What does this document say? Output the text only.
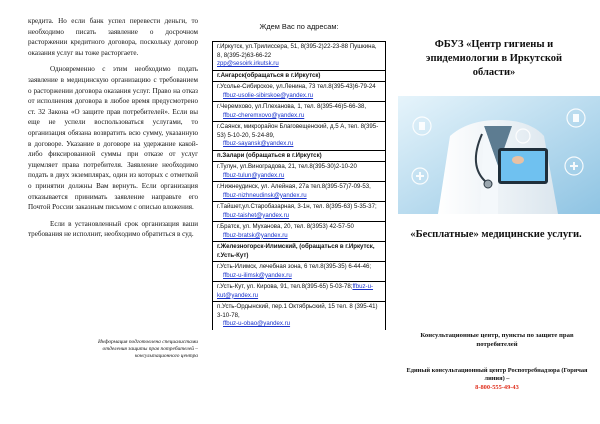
кредита. Но если банк успел перевести деньги, то необходимо писать заявление о досрочном расторжении кредитного договора, поскольку договор оказания услуг вы тоже расторгаете.

Одновременно с этим необходимо подать заявление в медицинскую организацию с требованием о расторжении договора оказания услуг. Право на отказ от исполнения договора в любое время предусмотрено ст. 32 Закона «О защите прав потребителей». Если вы еще не успели воспользоваться услугами, то организация обязана возвратить всю сумму, указанную в договоре. Указание в договоре на удержание какой-либо фиксированной суммы при отказе от услуг ущемляет права потребителя. Заявление необходимо подать в двух экземплярах, один из которых с отметкой о принятии должны Вам вернуть. Если организация отказывается принимать заявление направьте его Почтой России заказным письмом с описью вложения.

Если в установленный срок организация ваши требования не исполнит, необходимо обратиться в суд.

Информация подготовлена специалистами отделения защиты прав потребителей – консультационного центра
Ждем Вас по адресам:
г.Иркутск, ул.Трилиссера, 51, 8(395-2)22-23-88 Пушкина, 8, 8(395-2)63-66-22
zpp@sesoirk.irkutsk.ru
г.Ангарск(обращаться в г.Иркутск)
г.Усолье-Сибирское, ул.Ленина, 73 тел.8(395-43)6-79-24
ffbuz-usolie-sibirskoe@yandex.ru
г.Черемхово, ул.Плеханова, 1, тел. 8(395-46)5-66-38,
ffbuz-cheremxovo@yandex.ru
г.Саянск, микрорайон Благовещенский, д.5 А, тел. 8(395-53) 5-10-20, 5-24-89,
ffbuz-sayansk@yandex.ru
п.Залари (обращаться в г.Иркутск)
г.Тулун, ул.Виноградова, 21, тел.8(395-30)2-10-20
ffbuz-tulun@yandex.ru
г.Нижнеудинск, ул. Алейная, 27а тел.8(395-57)7-09-53,
ffbuz-nizhneudinsk@yandex.ru
г.Тайшет,ул.Старобазарная, 3-1н, тел. 8(395-63) 5-35-37;
ffbuz-taishet@yandex.ru
г.Братск, ул. Муханова, 20, тел. 8(3953) 42-57-50
ffbuz-bratsk@yandex.ru
г.Железногорск-Илимский, (обращаться в г.Иркутск, г.Усть-Кут)
г.Усть-Илимск, лечебная зона, 6 тел.8(395-35) 6-44-46;
ffbuz-u-ilimsk@yandex.ru
г.Усть-Кут, ул. Кирова, 91, тел.8(395-65) 5-03-78;ffbuz-u-kut@yandex.ru
п.Усть-Ордынский, пер.1 Октябрьский, 15 тел. 8 (395-41) 3-10-78,
ffbuz-u-obao@yandex.ru
ФБУЗ «Центр гигиены и эпидемиологии в Иркутской области»
«Бесплатные» медицинские услуги.
Консультационные центр, пункты по защите прав потребителей
Единый консультационный центр Роспотребнадзора (Горячая линия) –
8-800-555-49-43
